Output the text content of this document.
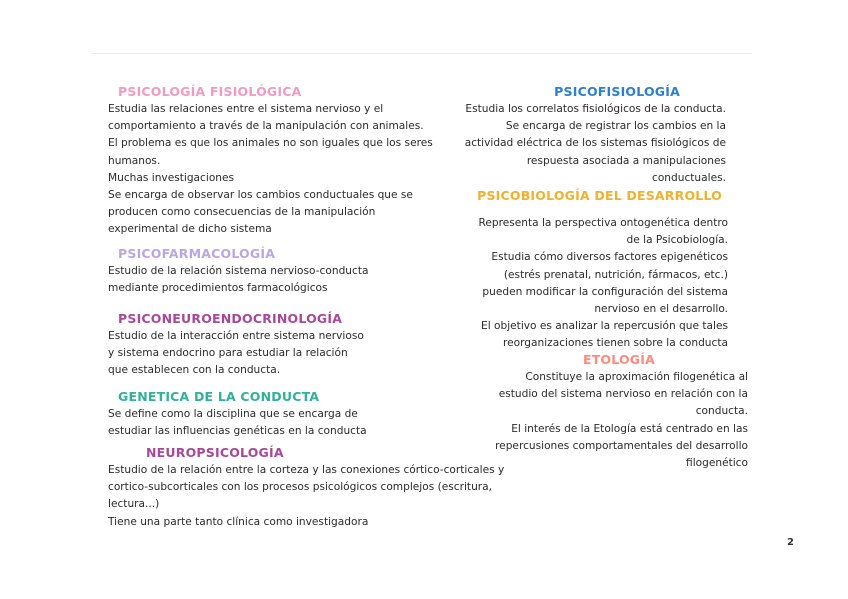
PSICOLOGÍA FISIOLÓGICA
Estudia las relaciones entre el sistema nervioso y el
comportamiento a través de la manipulación con animales.
El problema es que los animales no son iguales que los seres
humanos.
Muchas investigaciones
Se encarga de observar los cambios conductuales que se
producen como consecuencias de la manipulación
experimental de dicho sistema
PSICOFARMACOLOGÍA
Estudio de la relación sistema nervioso-conducta
mediante procedimientos farmacológicos
PSICONEUROENDOCRINOLOGÍA
Estudio de la interacción entre sistema nervioso
y sistema endocrino para estudiar la relación
que establecen con la conducta.
GENETICA DE LA CONDUCTA
Se define como la disciplina que se encarga de
estudiar las influencias genéticas en la conducta
NEUROPSICOLOGÍA
Estudio de la relación entre la corteza y las conexiones córtico-corticales y
cortico-subcorticales con los procesos psicológicos complejos (escritura,
lectura...)
Tiene una parte tanto clínica como investigadora
PSICOFISIOLOGÍA
Estudia los correlatos fisiológicos de la conducta.
Se encarga de registrar los cambios en la
actividad eléctrica de los sistemas fisiológicos de
respuesta asociada a manipulaciones
conductuales.
PSICOBIOLOGÍA DEL DESARROLLO
Representa la perspectiva ontogenética dentro
de la Psicobiología.
Estudia cómo diversos factores epigenéticos
(estrés prenatal, nutrición, fármacos, etc.)
pueden modificar la configuración del sistema
nervioso en el desarrollo.
El objetivo es analizar la repercusión que tales
reorganizaciones tienen sobre la conducta
ETOLOGÍA
Constituye la aproximación filogenética al
estudio del sistema nervioso en relación con la
conducta.
El interés de la Etología está centrado en las
repercusiones comportamentales del desarrollo
filogenético
2
